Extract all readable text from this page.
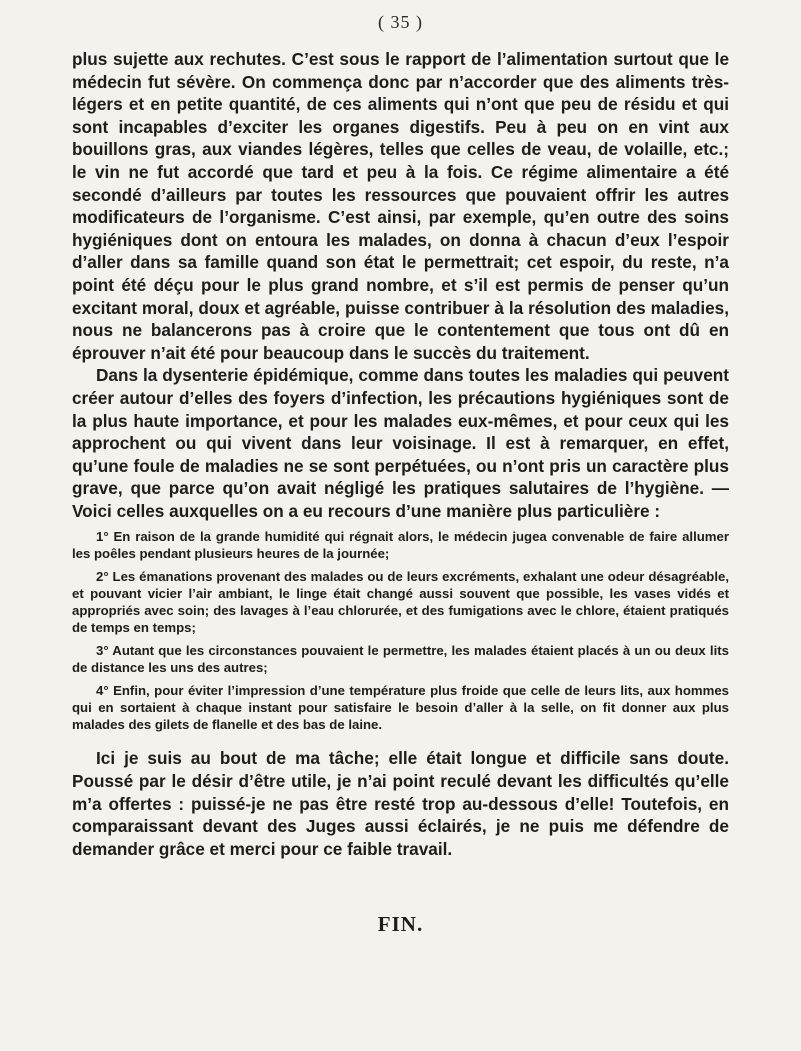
( 35 )

plus sujette aux rechutes. C’est sous le rapport de l’alimentation surtout que le médecin fut sévère. On commença donc par n’accorder que des aliments très-légers et en petite quantité, de ces aliments qui n’ont que peu de résidu et qui sont incapables d’exciter les organes digestifs. Peu à peu on en vint aux bouillons gras, aux viandes légères, telles que celles de veau, de volaille, etc.; le vin ne fut accordé que tard et peu à la fois. Ce régime alimentaire a été secondé d’ailleurs par toutes les ressources que pouvaient offrir les autres modificateurs de l’organisme. C’est ainsi, par exemple, qu’en outre des soins hygiéniques dont on entoura les malades, on donna à chacun d’eux l’espoir d’aller dans sa famille quand son état le permettrait; cet espoir, du reste, n’a point été déçu pour le plus grand nombre, et s’il est permis de penser qu’un excitant moral, doux et agréable, puisse contribuer à la résolution des maladies, nous ne balancerons pas à croire que le contentement que tous ont dû en éprouver n’ait été pour beaucoup dans le succès du traitement.

Dans la dysenterie épidémique, comme dans toutes les maladies qui peuvent créer autour d’elles des foyers d’infection, les précautions hygiéniques sont de la plus haute importance, et pour les malades eux-mêmes, et pour ceux qui les approchent ou qui vivent dans leur voisinage. Il est à remarquer, en effet, qu’une foule de maladies ne se sont perpétuées, ou n’ont pris un caractère plus grave, que parce qu’on avait négligé les pratiques salutaires de l’hygiène. — Voici celles auxquelles on a eu recours d’une manière plus particulière :

1° En raison de la grande humidité qui régnait alors, le médecin jugea convenable de faire allumer les poêles pendant plusieurs heures de la journée;

2° Les émanations provenant des malades ou de leurs excréments, exhalant une odeur désagréable, et pouvant vicier l’air ambiant, le linge était changé aussi souvent que possible, les vases vidés et appropriés avec soin; des lavages à l’eau chlorurée, et des fumigations avec le chlore, étaient pratiqués de temps en temps;

3° Autant que les circonstances pouvaient le permettre, les malades étaient placés à un ou deux lits de distance les uns des autres;

4° Enfin, pour éviter l’impression d’une température plus froide que celle de leurs lits, aux hommes qui en sortaient à chaque instant pour satisfaire le besoin d’aller à la selle, on fit donner aux plus malades des gilets de flanelle et des bas de laine.

Ici je suis au bout de ma tâche; elle était longue et difficile sans doute. Poussé par le désir d’être utile, je n’ai point reculé devant les difficultés qu’elle m’a offertes : puissé-je ne pas être resté trop au-dessous d’elle! Toutefois, en comparaissant devant des Juges aussi éclairés, je ne puis me défendre de demander grâce et merci pour ce faible travail.

FIN.
